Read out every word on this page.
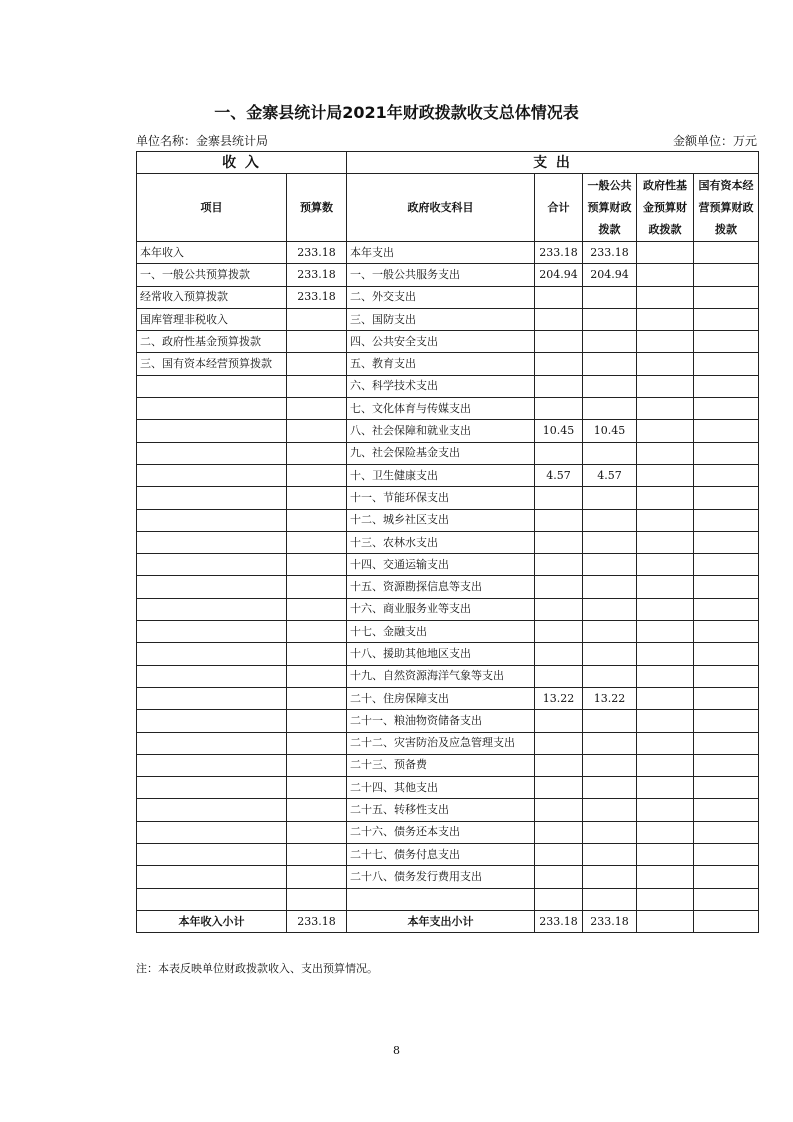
一、金寨县统计局2021年财政拨款收支总体情况表
单位名称：金寨县统计局	金额单位：万元
收 入		支 出				
项目	预算数	政府收支科目	合计	一般公共预算财政拨款	政府性基金预算财政拨款	国有资本经营预算财政拨款
本年收入	233.18	本年支出	233.18	233.18		
一、一般公共预算拨款	233.18	一、一般公共服务支出	204.94	204.94		
经常收入预算拨款	233.18	二、外交支出				
国库管理非税收入		三、国防支出				
二、政府性基金预算拨款		四、公共安全支出				
三、国有资本经营预算拨款		五、教育支出				
		六、科学技术支出				
		七、文化体育与传媒支出				
		八、社会保障和就业支出	10.45	10.45		
		九、社会保险基金支出				
		十、卫生健康支出	4.57	4.57		
		十一、节能环保支出				
		十二、城乡社区支出				
		十三、农林水支出				
		十四、交通运输支出				
		十五、资源勘探信息等支出				
		十六、商业服务业等支出				
		十七、金融支出				
		十八、援助其他地区支出				
		十九、自然资源海洋气象等支出				
		二十、住房保障支出	13.22	13.22		
		二十一、粮油物资储备支出				
		二十二、灾害防治及应急管理支出				
		二十三、预备费				
		二十四、其他支出				
		二十五、转移性支出				
		二十六、债务还本支出				
		二十七、债务付息支出				
		二十八、债务发行费用支出				

本年收入小计	233.18	本年支出小计	233.18	233.18		
注：本表反映单位财政拨款收入、支出预算情况。
8
